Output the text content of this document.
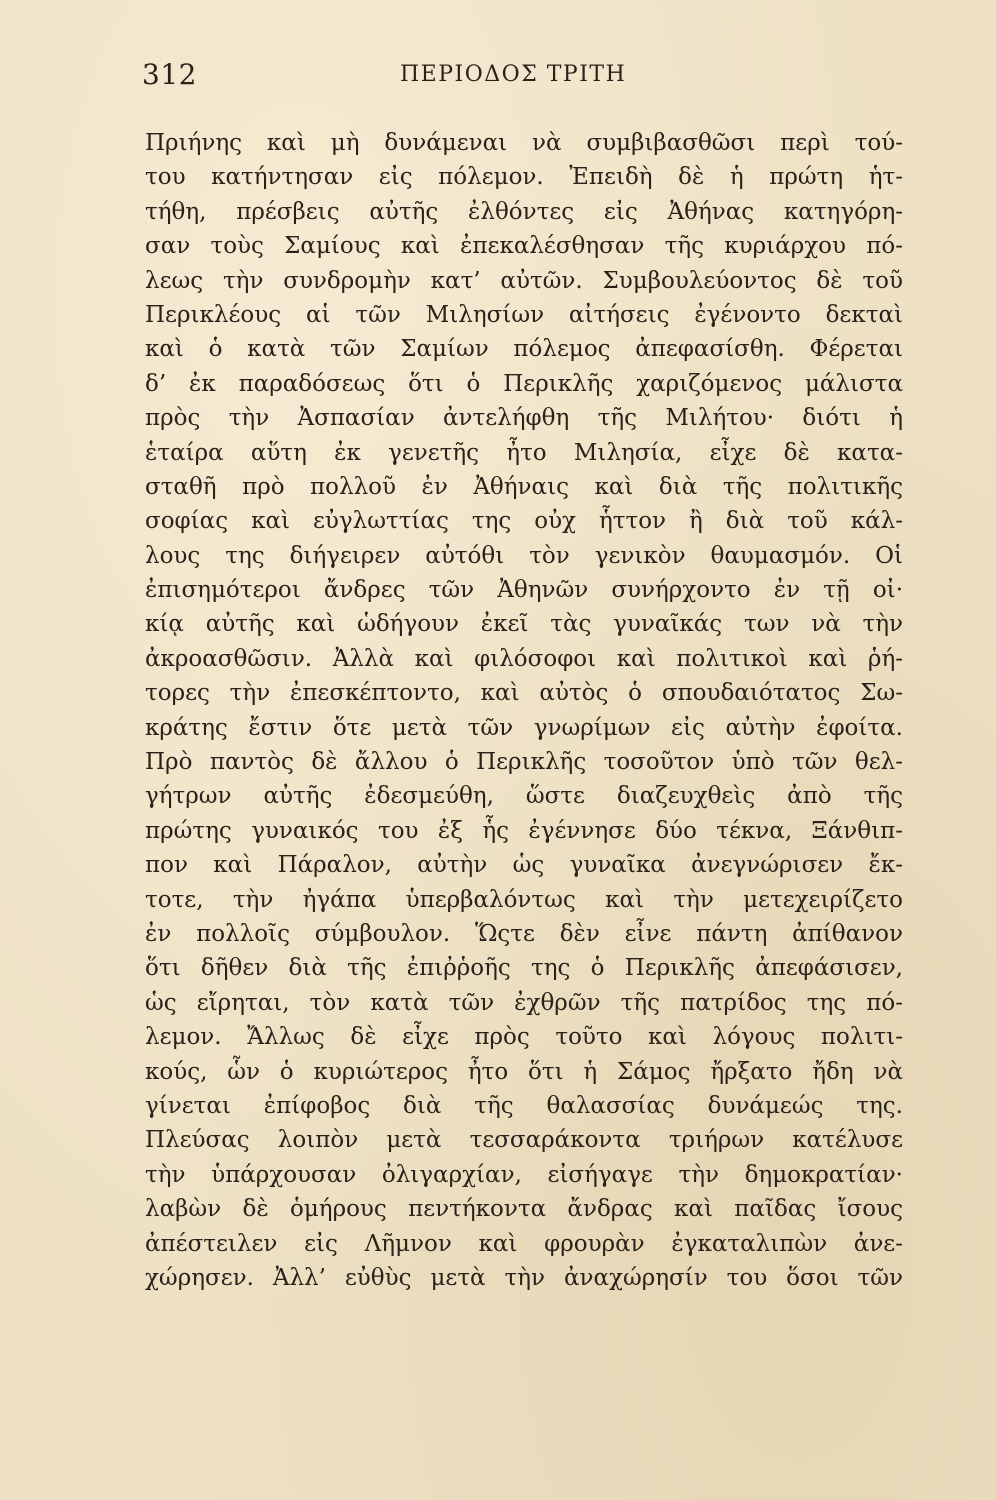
312	ΠΕΡΙΟΔΟΣ ΤΡΙΤΗ
Πριήνης καὶ μὴ δυνάμεναι νὰ συμβιβασθῶσι περὶ τού-
του κατήντησαν εἰς πόλεμον. Ἐπειδὴ δὲ ἡ πρώτη ἡτ-
τήθη, πρέσβεις αὐτῆς ἐλθόντες εἰς Ἀθήνας κατηγόρη-
σαν τοὺς Σαμίους καὶ ἐπεκαλέσθησαν τῆς κυριάρχου πό-
λεως τὴν συνδρομὴν κατ’ αὐτῶν. Συμβουλεύοντος δὲ τοῦ
Περικλέους αἱ τῶν Μιλησίων αἰτήσεις ἐγένοντο δεκταὶ
καὶ ὁ κατὰ τῶν Σαμίων πόλεμος ἀπεφασίσθη. Φέρεται
δ’ ἐκ παραδόσεως ὅτι ὁ Περικλῆς χαριζόμενος μάλιστα
πρὸς τὴν Ἀσπασίαν ἀντελήφθη τῆς Μιλήτου· διότι ἡ
ἑταίρα αὕτη ἐκ γενετῆς ἦτο Μιλησία, εἶχε δὲ κατα-
σταθῆ πρὸ πολλοῦ ἐν Ἀθήναις καὶ διὰ τῆς πολιτικῆς
σοφίας καὶ εὐγλωττίας της οὐχ ἧττον ἢ διὰ τοῦ κάλ-
λους της διήγειρεν αὐτόθι τὸν γενικὸν θαυμασμόν. Οἱ
ἐπισημότεροι ἄνδρες τῶν Ἀθηνῶν συνήρχοντο ἐν τῇ οἰ·
κίᾳ αὐτῆς καὶ ὡδήγουν ἐκεῖ τὰς γυναῖκάς των νὰ τὴν
ἀκροασθῶσιν. Ἀλλὰ καὶ φιλόσοφοι καὶ πολιτικοὶ καὶ ῥή-
τορες τὴν ἐπεσκέπτοντο, καὶ αὐτὸς ὁ σπουδαιότατος Σω-
κράτης ἔστιν ὅτε μετὰ τῶν γνωρίμων εἰς αὐτὴν ἐφοίτα.
Πρὸ παντὸς δὲ ἄλλου ὁ Περικλῆς τοσοῦτον ὑπὸ τῶν θελ-
γήτρων αὐτῆς ἐδεσμεύθη, ὥστε διαζευχθεὶς ἀπὸ τῆς
πρώτης γυναικός του ἐξ ἧς ἐγέννησε δύο τέκνα, Ξάνθιπ-
πον καὶ Πάραλον, αὐτὴν ὡς γυναῖκα ἀνεγνώρισεν ἔκ-
τοτε, τὴν ἠγάπα ὑπερβαλόντως καὶ τὴν μετεχειρίζετο
ἐν πολλοῖς σύμβουλον. Ὥςτε δὲν εἶνε πάντη ἀπίθανον
ὅτι δῆθεν διὰ τῆς ἐπιῤῥοῆς της ὁ Περικλῆς ἀπεφάσισεν,
ὡς εἴρηται, τὸν κατὰ τῶν ἐχθρῶν τῆς πατρίδος της πό-
λεμον. Ἄλλως δὲ εἶχε πρὸς τοῦτο καὶ λόγους πολιτι-
κούς, ὧν ὁ κυριώτερος ἦτο ὅτι ἡ Σάμος ἤρξατο ἤδη νὰ
γίνεται ἐπίφοβος διὰ τῆς θαλασσίας δυνάμεώς της.
Πλεύσας λοιπὸν μετὰ τεσσαράκοντα τριήρων κατέλυσε
τὴν ὑπάρχουσαν ὀλιγαρχίαν, εἰσήγαγε τὴν δημοκρατίαν·
λαβὼν δὲ ὁμήρους πεντήκοντα ἄνδρας καὶ παῖδας ἴσους
ἀπέστειλεν εἰς Λῆμνον καὶ φρουρὰν ἐγκαταλιπὼν ἀνε-
χώρησεν. Ἀλλ’ εὐθὺς μετὰ τὴν ἀναχώρησίν του ὅσοι τῶν
